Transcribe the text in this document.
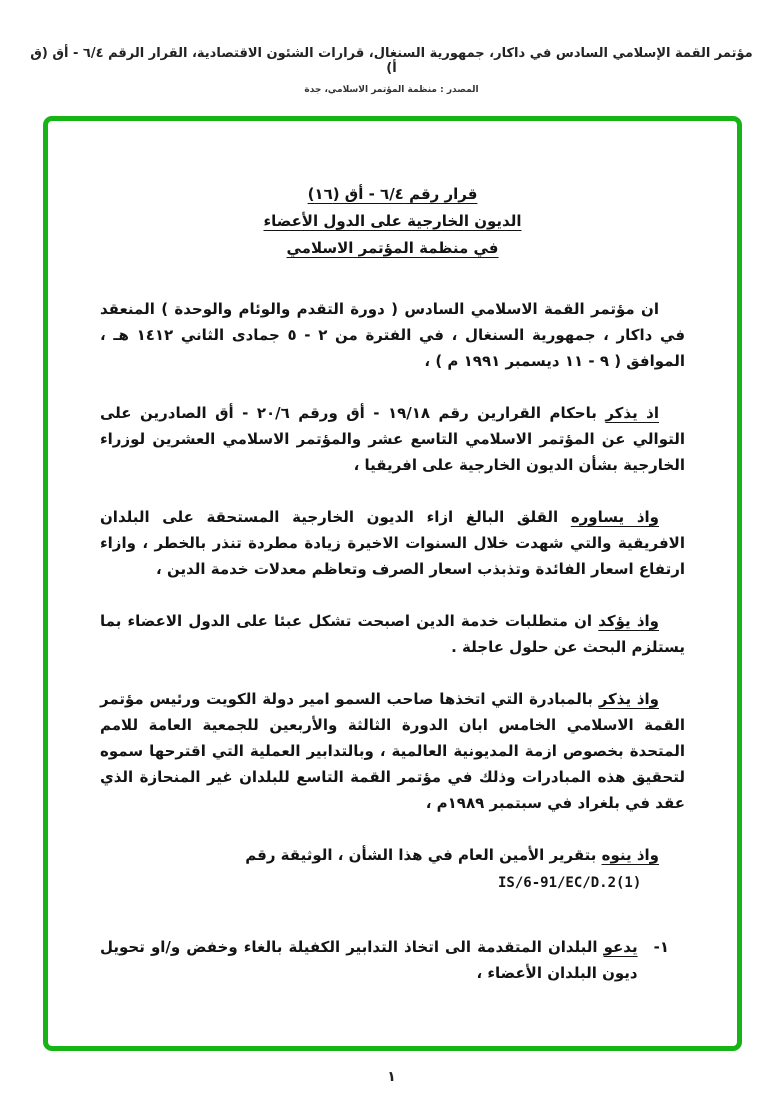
مؤتمر القمة الإسلامي السادس في داكار، جمهورية السنغال، قرارات الشئون الاقتصادية، القرار الرقم ٦/٤ - أق (ق أ)
المصدر : منظمة المؤتمر الاسلامي، جدة
قرار رقم ٦/٤ - أق (١٦)
الديون الخارجية على الدول الأعضاء
في منظمة المؤتمر الاسلامي

ان مؤتمر القمة الاسلامي السادس ( دورة التقدم والوئام والوحدة ) المنعقد في داكار ، جمهورية السنغال ، في الفترة من ٢ - ٥ جمادى الثاني ١٤١٢ هـ ، الموافق ( ٩ - ١١ ديسمبر ١٩٩١ م ) ،

اذ يذكر باحكام القرارين رقم ١٩/١٨ - أق ورقم ٢٠/٦ - أق الصادرين على التوالي عن المؤتمر الاسلامي التاسع عشر والمؤتمر الاسلامي العشرين لوزراء الخارجية بشأن الديون الخارجية على افريقيا ،

واذ يساوره القلق البالغ ازاء الديون الخارجية المستحقة على البلدان الافريقية والتي شهدت خلال السنوات الاخيرة زيادة مطردة تنذر بالخطر ، وازاء ارتفاع اسعار الفائدة وتذبذب اسعار الصرف وتعاظم معدلات خدمة الدين ،

واذ يؤكد ان متطلبات خدمة الدين اصبحت تشكل عبئا على الدول الاعضاء بما يستلزم البحث عن حلول عاجلة .

واذ يذكر بالمبادرة التي اتخذها صاحب السمو امير دولة الكويت ورئيس مؤتمر القمة الاسلامي الخامس ابان الدورة الثالثة والأربعين للجمعية العامة للامم المتحدة بخصوص ازمة المديونية العالمية ، وبالتدابير العملية التي اقترحها سموه لتحقيق هذه المبادرات وذلك في مؤتمر القمة التاسع للبلدان غير المنحازة الذي عقد في بلغراد في سبتمبر ١٩٨٩م ،

واذ ينوه بتقرير الأمين العام في هذا الشأن ، الوثيقة رقم

IS/6-91/EC/D.2(1)
١-
يدعو البلدان المتقدمة الى اتخاذ التدابير الكفيلة بالغاء وخفض و/او تحويل ديون البلدان الأعضاء ،
١
